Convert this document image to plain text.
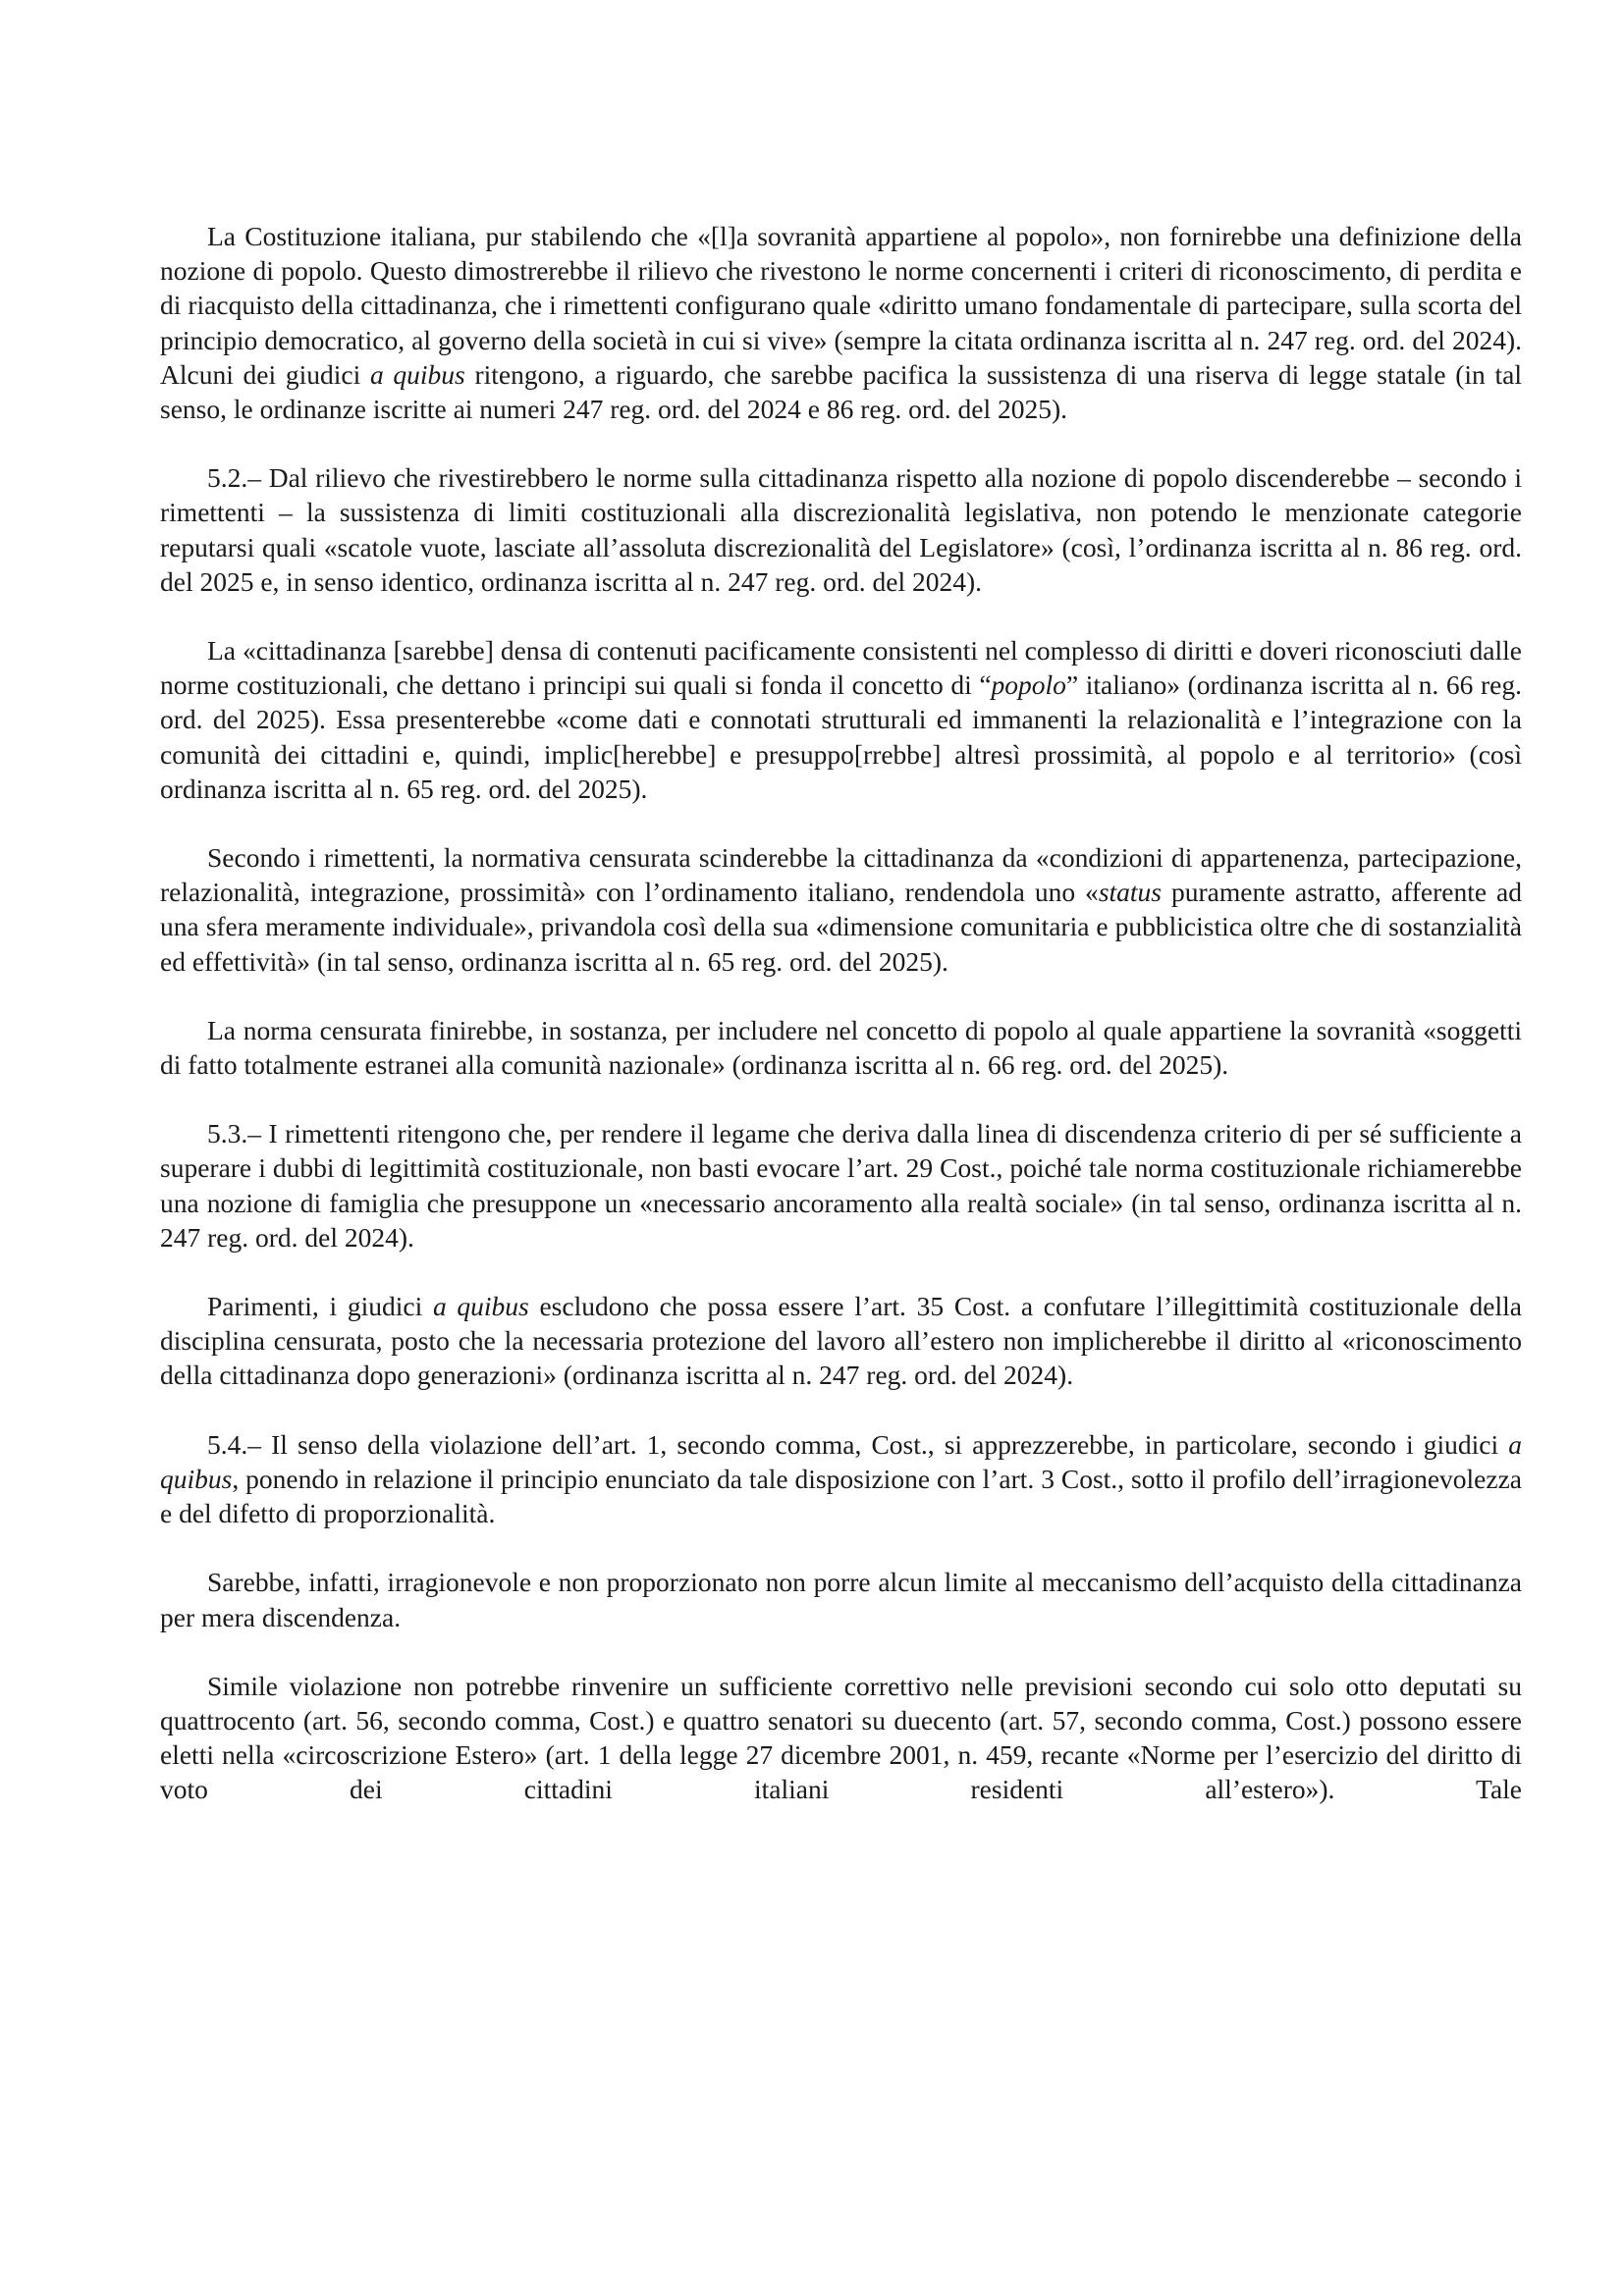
La Costituzione italiana, pur stabilendo che «[l]a sovranità appartiene al popolo», non fornirebbe una definizione della nozione di popolo. Questo dimostrerebbe il rilievo che rivestono le norme concernenti i criteri di riconoscimento, di perdita e di riacquisto della cittadinanza, che i rimettenti configurano quale «diritto umano fondamentale di partecipare, sulla scorta del principio democratico, al governo della società in cui si vive» (sempre la citata ordinanza iscritta al n. 247 reg. ord. del 2024). Alcuni dei giudici a quibus ritengono, a riguardo, che sarebbe pacifica la sussistenza di una riserva di legge statale (in tal senso, le ordinanze iscritte ai numeri 247 reg. ord. del 2024 e 86 reg. ord. del 2025).

5.2.– Dal rilievo che rivestirebbero le norme sulla cittadinanza rispetto alla nozione di popolo discenderebbe – secondo i rimettenti – la sussistenza di limiti costituzionali alla discrezionalità legislativa, non potendo le menzionate categorie reputarsi quali «scatole vuote, lasciate all’assoluta discrezionalità del Legislatore» (così, l’ordinanza iscritta al n. 86 reg. ord. del 2025 e, in senso identico, ordinanza iscritta al n. 247 reg. ord. del 2024).

La «cittadinanza [sarebbe] densa di contenuti pacificamente consistenti nel complesso di diritti e doveri riconosciuti dalle norme costituzionali, che dettano i principi sui quali si fonda il concetto di “popolo” italiano» (ordinanza iscritta al n. 66 reg. ord. del 2025). Essa presenterebbe «come dati e connotati strutturali ed immanenti la relazionalità e l’integrazione con la comunità dei cittadini e, quindi, implic[herebbe] e presuppo[rrebbe] altresì prossimità, al popolo e al territorio» (così ordinanza iscritta al n. 65 reg. ord. del 2025).

Secondo i rimettenti, la normativa censurata scinderebbe la cittadinanza da «condizioni di appartenenza, partecipazione, relazionalità, integrazione, prossimità» con l’ordinamento italiano, rendendola uno «status puramente astratto, afferente ad una sfera meramente individuale», privandola così della sua «dimensione comunitaria e pubblicistica oltre che di sostanzialità ed effettività» (in tal senso, ordinanza iscritta al n. 65 reg. ord. del 2025).

La norma censurata finirebbe, in sostanza, per includere nel concetto di popolo al quale appartiene la sovranità «soggetti di fatto totalmente estranei alla comunità nazionale» (ordinanza iscritta al n. 66 reg. ord. del 2025).

5.3.– I rimettenti ritengono che, per rendere il legame che deriva dalla linea di discendenza criterio di per sé sufficiente a superare i dubbi di legittimità costituzionale, non basti evocare l’art. 29 Cost., poiché tale norma costituzionale richiamerebbe una nozione di famiglia che presuppone un «necessario ancoramento alla realtà sociale» (in tal senso, ordinanza iscritta al n. 247 reg. ord. del 2024).

Parimenti, i giudici a quibus escludono che possa essere l’art. 35 Cost. a confutare l’illegittimità costituzionale della disciplina censurata, posto che la necessaria protezione del lavoro all’estero non implicherebbe il diritto al «riconoscimento della cittadinanza dopo generazioni» (ordinanza iscritta al n. 247 reg. ord. del 2024).

5.4.– Il senso della violazione dell’art. 1, secondo comma, Cost., si apprezzerebbe, in particolare, secondo i giudici a quibus, ponendo in relazione il principio enunciato da tale disposizione con l’art. 3 Cost., sotto il profilo dell’irragionevolezza e del difetto di proporzionalità.

Sarebbe, infatti, irragionevole e non proporzionato non porre alcun limite al meccanismo dell’acquisto della cittadinanza per mera discendenza.

Simile violazione non potrebbe rinvenire un sufficiente correttivo nelle previsioni secondo cui solo otto deputati su quattrocento (art. 56, secondo comma, Cost.) e quattro senatori su duecento (art. 57, secondo comma, Cost.) possono essere eletti nella «circoscrizione Estero» (art. 1 della legge 27 dicembre 2001, n. 459, recante «Norme per l’esercizio del diritto di voto dei cittadini italiani residenti all’estero»). Tale
